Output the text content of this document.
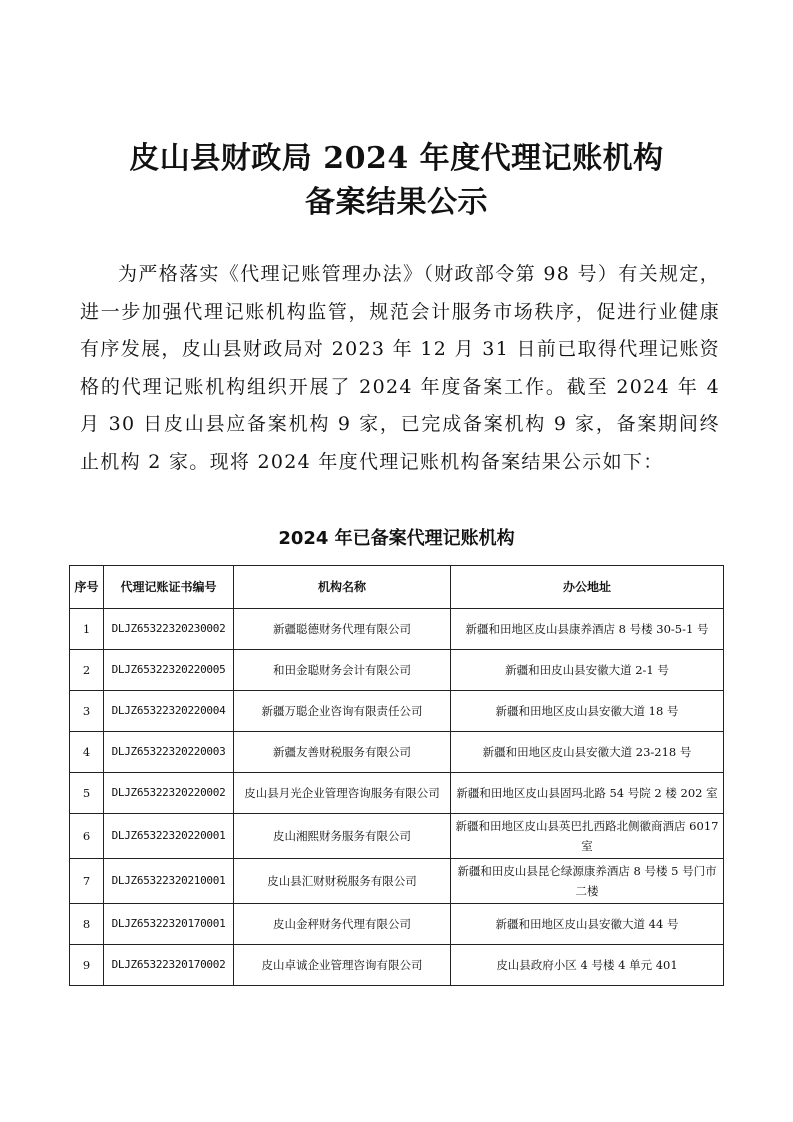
皮山县财政局 2024 年度代理记账机构
备案结果公示

为严格落实《代理记账管理办法》（财政部令第 98 号）有关规定，进一步加强代理记账机构监管，规范会计服务市场秩序，促进行业健康有序发展，皮山县财政局对 2023 年 12 月 31 日前已取得代理记账资格的代理记账机构组织开展了 2024 年度备案工作。截至 2024 年 4 月 30 日皮山县应备案机构 9 家，已完成备案机构 9 家，备案期间终止机构 2 家。现将 2024 年度代理记账机构备案结果公示如下：

2024 年已备案代理记账机构
序号	代理记账证书编号	机构名称	办公地址
1	DLJZ65322320230002	新疆聪德财务代理有限公司	新疆和田地区皮山县康养酒店 8 号楼 30-5-1 号
2	DLJZ65322320220005	和田金聪财务会计有限公司	新疆和田皮山县安徽大道 2-1 号
3	DLJZ65322320220004	新疆万聪企业咨询有限责任公司	新疆和田地区皮山县安徽大道 18 号
4	DLJZ65322320220003	新疆友善财税服务有限公司	新疆和田地区皮山县安徽大道 23-218 号
5	DLJZ65322320220002	皮山县月光企业管理咨询服务有限公司	新疆和田地区皮山县固玛北路 54 号院 2 楼 202 室
6	DLJZ65322320220001	皮山湘熙财务服务有限公司	新疆和田地区皮山县英巴扎西路北侧徽商酒店 6017 室
7	DLJZ65322320210001	皮山县汇财财税服务有限公司	新疆和田皮山县昆仑绿源康养酒店 8 号楼 5 号门市二楼
8	DLJZ65322320170001	皮山金秤财务代理有限公司	新疆和田地区皮山县安徽大道 44 号
9	DLJZ65322320170002	皮山卓诚企业管理咨询有限公司	皮山县政府小区 4 号楼 4 单元 401
